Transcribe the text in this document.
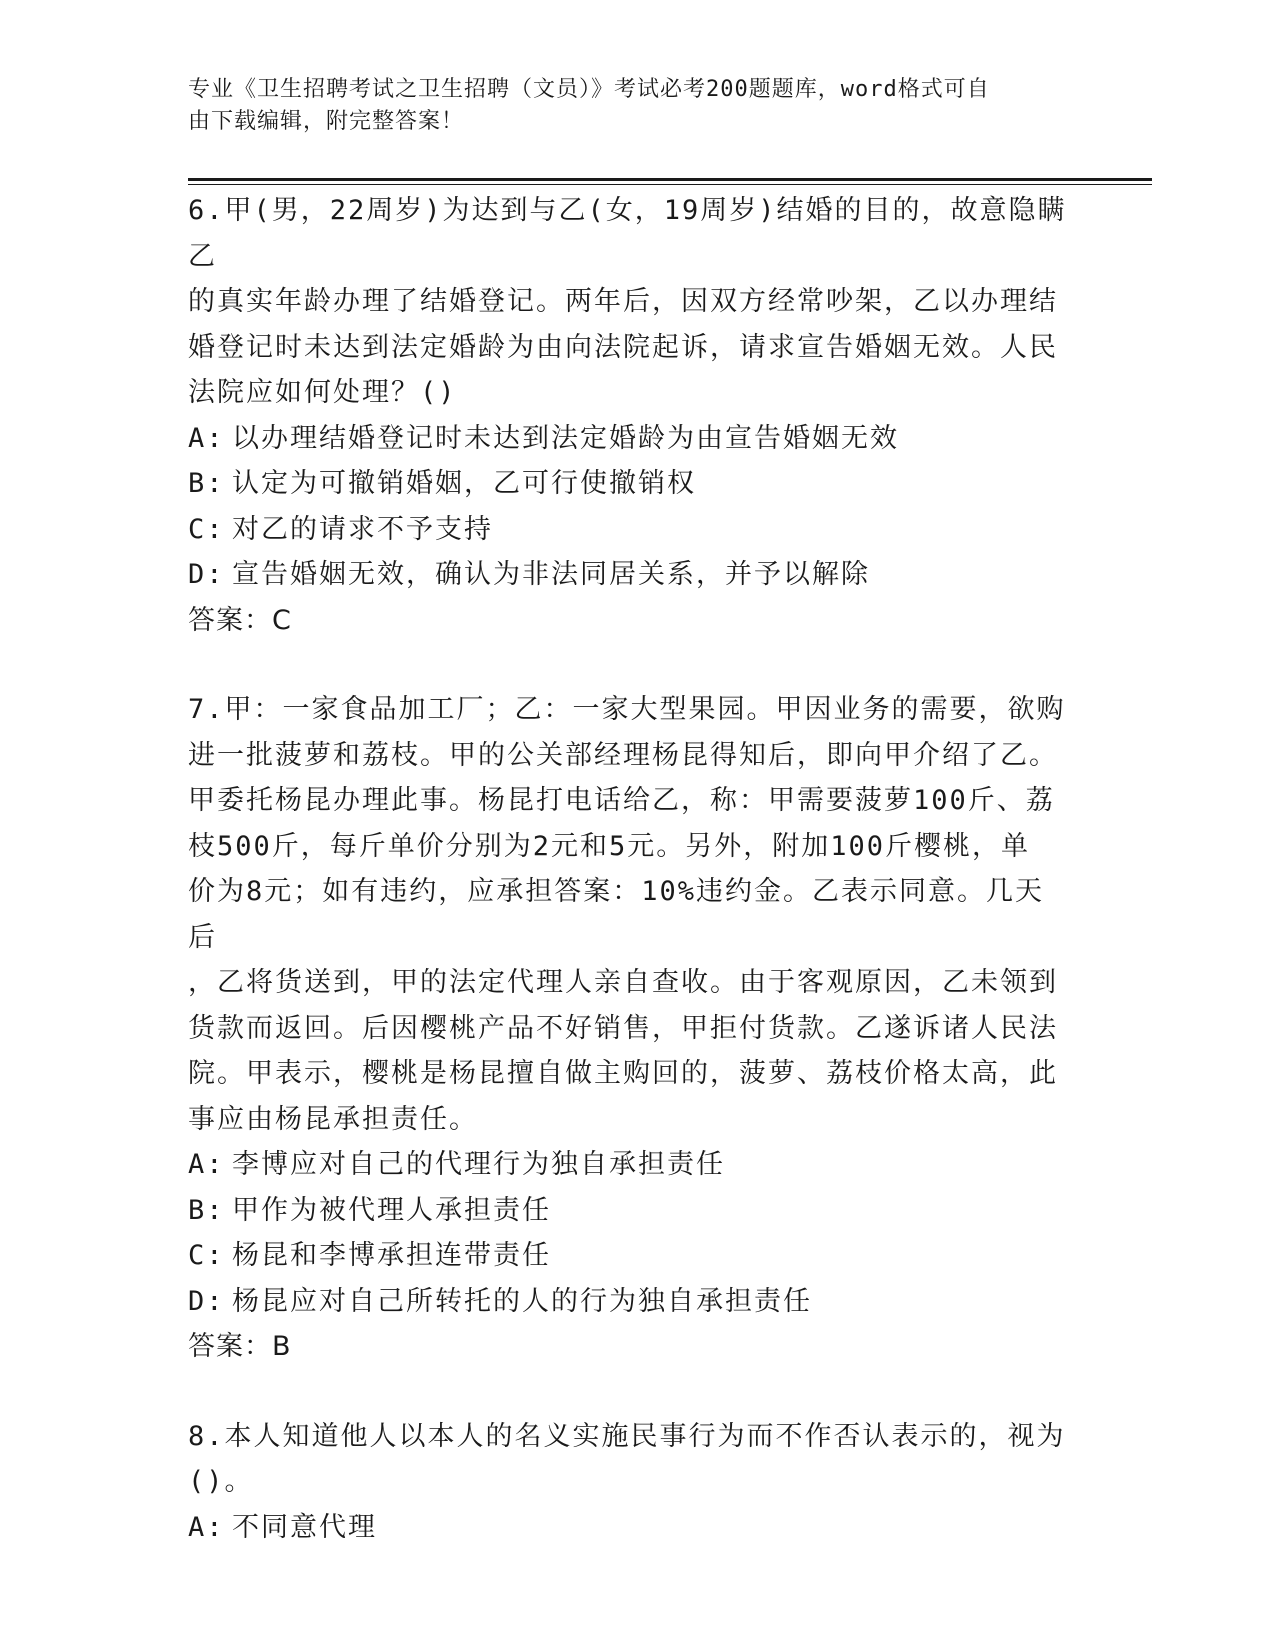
专业《卫生招聘考试之卫生招聘（文员）》考试必考200题题库，word格式可自
由下载编辑，附完整答案！

6.甲(男，22周岁)为达到与乙(女，19周岁)结婚的目的，故意隐瞒乙

的真实年龄办理了结婚登记。两年后，因双方经常吵架，乙以办理结

婚登记时未达到法定婚龄为由向法院起诉，请求宣告婚姻无效。人民

法院应如何处理？()

A: 以办理结婚登记时未达到法定婚龄为由宣告婚姻无效

B: 认定为可撤销婚姻，乙可行使撤销权

C: 对乙的请求不予支持

D: 宣告婚姻无效，确认为非法同居关系，并予以解除

答案：C

7.甲：一家食品加工厂；乙：一家大型果园。甲因业务的需要，欲购

进一批菠萝和荔枝。甲的公关部经理杨昆得知后，即向甲介绍了乙。

甲委托杨昆办理此事。杨昆打电话给乙，称：甲需要菠萝100斤、荔

枝500斤，每斤单价分别为2元和5元。另外，附加100斤樱桃，单

价为8元；如有违约，应承担答案：10%违约金。乙表示同意。几天后

，乙将货送到，甲的法定代理人亲自查收。由于客观原因，乙未领到

货款而返回。后因樱桃产品不好销售，甲拒付货款。乙遂诉诸人民法

院。甲表示，樱桃是杨昆擅自做主购回的，菠萝、荔枝价格太高，此

事应由杨昆承担责任。

A: 李博应对自己的代理行为独自承担责任

B: 甲作为被代理人承担责任

C: 杨昆和李博承担连带责任

D: 杨昆应对自己所转托的人的行为独自承担责任

答案：B

8.本人知道他人以本人的名义实施民事行为而不作否认表示的，视为

()。

A: 不同意代理
